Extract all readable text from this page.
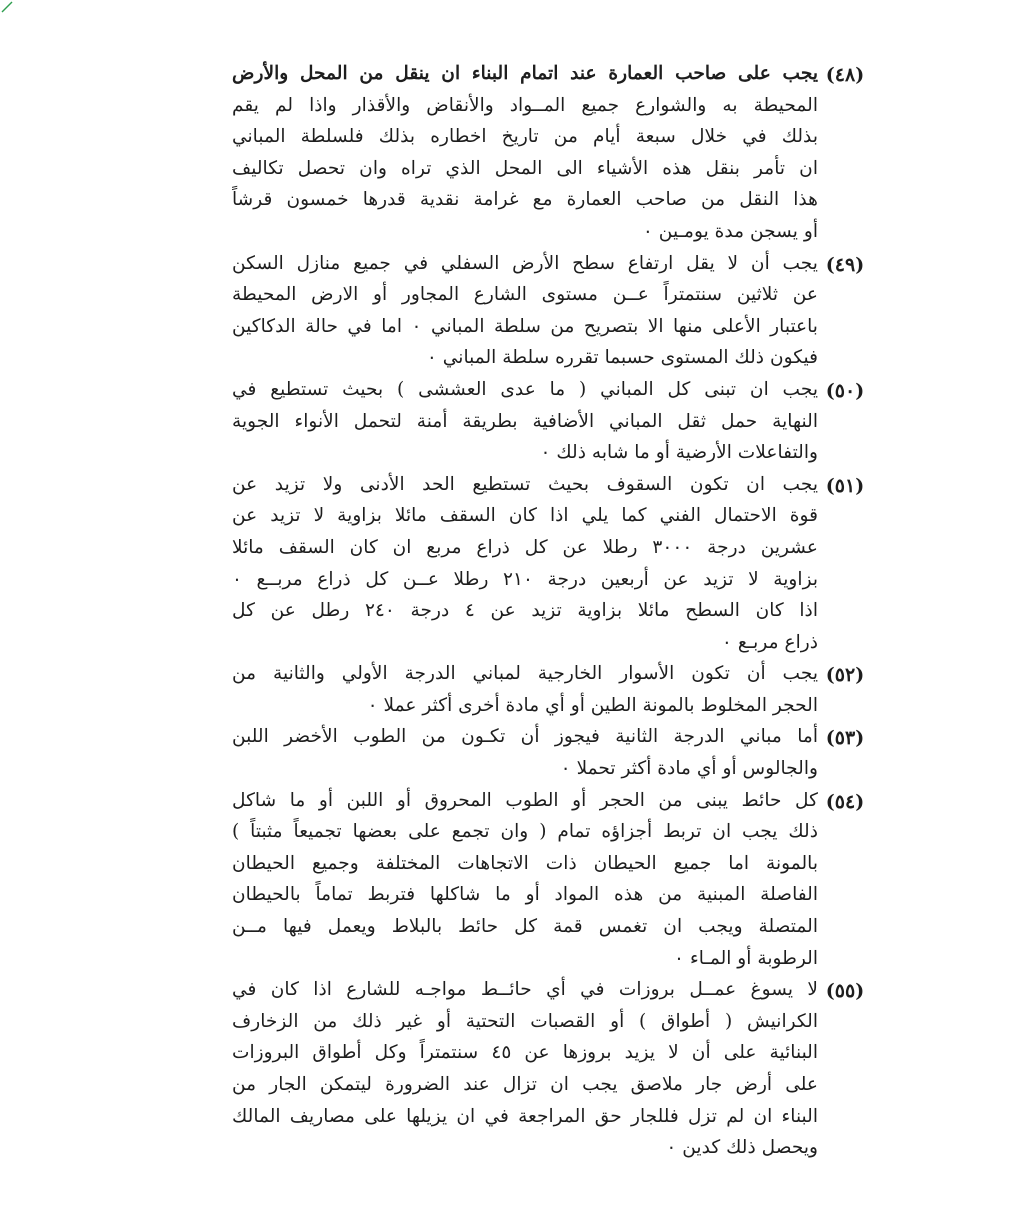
(٤٨)
يجب على صاحب العمارة عند اتمام البناء ان ينقل من المحل والأرض
المحيطة به والشوارع جميع المــواد والأنقاض والأقذار واذا لم يقم
بذلك في خلال سبعة أيام من تاريخ اخطاره بذلك فلسلطة المباني
ان تأمر بنقل هذه الأشياء الى المحل الذي تراه وان تحصل تكاليف
هذا النقل من صاحب العمارة مع غرامة نقدية قدرها خمسون قرشاً
أو يسجن مدة يومـين ٠
(٤٩)
يجب أن لا يقل ارتفاع سطح الأرض السفلي في جميع منازل السكن
عن ثلاثين سنتمتراً عــن مستوى الشارع المجاور أو الارض المحيطة
باعتبار الأعلى منها الا بتصريح من سلطة المباني ٠ اما في حالة الدكاكين
فيكون ذلك المستوى حسبما تقرره سلطة المباني ٠
(٥٠)
يجب ان تبنى كل المباني ( ما عدى العششى ) بحيث تستطيع في
النهاية حمل ثقل المباني الأضافية بطريقة أمنة لتحمل الأنواء الجوية
والتفاعلات الأرضية أو ما شابه ذلك ٠
(٥١)
يجب ان تكون السقوف بحيث تستطيع الحد الأدنى ولا تزيد عن
قوة الاحتمال الفني كما يلي اذا كان السقف مائلا بزاوية لا تزيد عن
عشرين درجة ٣٠٠٠ رطلا عن كل ذراع مربع ان كان السقف مائلا
بزاوية لا تزيد عن أربعين درجة ٢١٠ رطلا عــن كل ذراع مربــع ٠
اذا كان السطح مائلا بزاوية تزيد عن ٤ درجة ٢٤٠ رطل عن كل
ذراع مربـع ٠
(٥٢)
يجب أن تكون الأسوار الخارجية لمباني الدرجة الأولي والثانية من
الحجر المخلوط بالمونة الطين أو أي مادة أخرى أكثر عملا ٠
(٥٣)
أما مباني الدرجة الثانية فيجوز أن تكـون من الطوب الأخضر اللبن
والجالوس أو أي مادة أكثر تحملا ٠
(٥٤)
كل حائط يبنى من الحجر أو الطوب المحروق أو اللبن أو ما شاكل
ذلك يجب ان تربط أجزاؤه تمام ( وان تجمع على بعضها تجميعاً مثبتاً )
بالمونة اما جميع الحيطان ذات الاتجاهات المختلفة وجميع الحيطان
الفاصلة المبنية من هذه المواد أو ما شاكلها فتربط تماماً بالحيطان
المتصلة ويجب ان تغمس قمة كل حائط بالبلاط ويعمل فيها مــن
الرطوبة أو المـاء ٠
(٥٥)
لا يسوغ عمــل بروزات في أي حائــط مواجـه للشارع اذا كان في
الكرانيش ( أطواق ) أو القصبات التحتية أو غير ذلك من الزخارف
البنائية على أن لا يزيد بروزها عن ٤٥ سنتمتراً وكل أطواق البروزات
على أرض جار ملاصق يجب ان تزال عند الضرورة ليتمكن الجار من
البناء ان لم تزل فللجار حق المراجعة في ان يزيلها على مصاريف المالك
ويحصل ذلك كدين ٠
